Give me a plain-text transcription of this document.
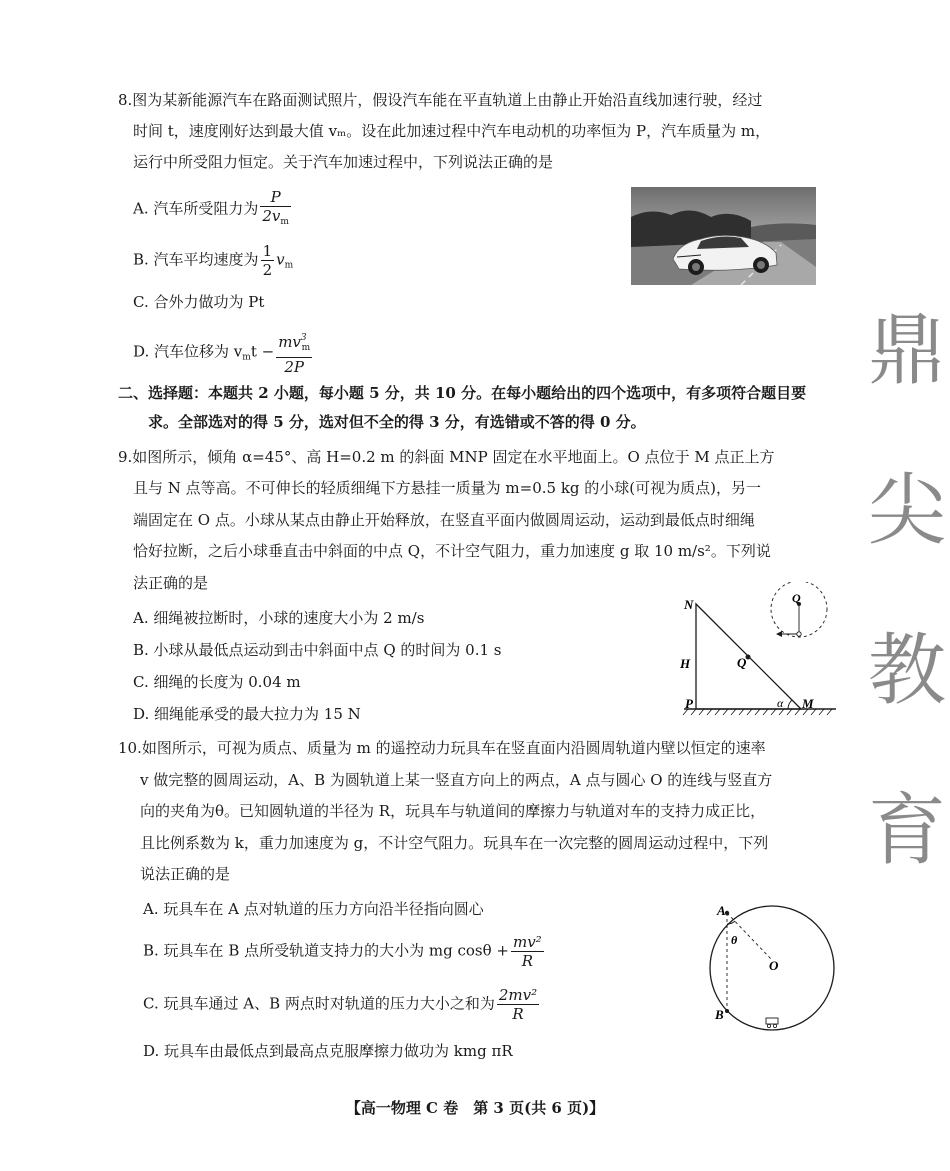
鼎
尖
教
育
8.图为某新能源汽车在路面测试照片，假设汽车能在平直轨道上由静止开始沿直线加速行驶，经过
时间 t，速度刚好达到最大值 vₘ。设在此加速过程中汽车电动机的功率恒为 P，汽车质量为 m，
运行中所受阻力恒定。关于汽车加速过程中，下列说法正确的是
A. 汽车所受阻力为 $\frac{P}{2v_m}$
B. 汽车平均速度为 $\frac{1}{2} v_m$
C. 合外力做功为 Pt
D. 汽车位移为 $v_mt - \frac{mv^3_m}{2P}$
二、选择题：本题共 2 小题，每小题 5 分，共 10 分。在每小题给出的四个选项中，有多项符合题目要
求。全部选对的得 5 分，选对但不全的得 3 分，有选错或不答的得 0 分。
9.如图所示，倾角 α=45°、高 H=0.2 m 的斜面 MNP 固定在水平地面上。O 点位于 M 点正上方
且与 N 点等高。不可伸长的轻质细绳下方悬挂一质量为 m=0.5 kg 的小球(可视为质点)，另一
端固定在 O 点。小球从某点由静止开始释放，在竖直平面内做圆周运动，运动到最低点时细绳
恰好拉断，之后小球垂直击中斜面的中点 Q，不计空气阻力，重力加速度 g 取 10 m/s²。下列说
法正确的是
A. 细绳被拉断时，小球的速度大小为 2 m/s
B. 小球从最低点运动到击中斜面中点 Q 的时间为 0.1 s
C. 细绳的长度为 0.04 m
D. 细绳能承受的最大拉力为 15 N
N
H	Q
P	α M
Q
10.如图所示，可视为质点、质量为 m 的遥控动力玩具车在竖直面内沿圆周轨道内壁以恒定的速率
v 做完整的圆周运动，A、B 为圆轨道上某一竖直方向上的两点，A 点与圆心 O 的连线与竖直方
向的夹角为θ。已知圆轨道的半径为 R，玩具车与轨道间的摩擦力与轨道对车的支持力成正比，
且比例系数为 k，重力加速度为 g，不计空气阻力。玩具车在一次完整的圆周运动过程中，下列
说法正确的是
A. 玩具车在 A 点对轨道的压力方向沿半径指向圆心
B. 玩具车在 B 点所受轨道支持力的大小为 mg $\cos\theta + \frac{\text{mv²}}{R}$
C. 玩具车通过 A、B 两点时对轨道的压力大小之和为 $\frac{\text{2mv²}}{R}$
D. 玩具车由最低点到最高点克服摩擦力做功为 kmg πR
A
θ
O
B
【高一物理 C 卷　第 3 页(共 6 页)】
